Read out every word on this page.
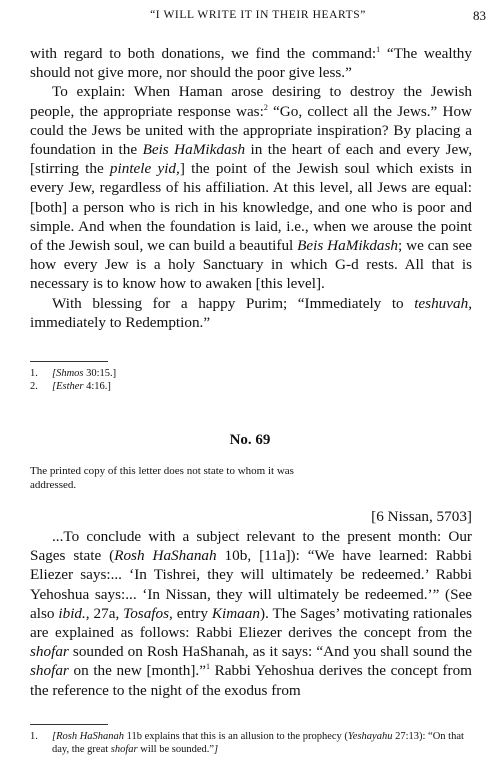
“I WILL WRITE IT IN THEIR HEARTS”	83

with regard to both donations, we find the command:$^1$ “The wealthy should not give more, nor should the poor give less.”

To explain: When Haman arose desiring to destroy the Jewish people, the appropriate response was:$^2$ “Go, collect all the Jews.” How could the Jews be united with the appropriate inspiration? By placing a foundation in the Beis HaMikdash in the heart of each and every Jew, [stirring the pintele yid,] the point of the Jewish soul which exists in every Jew, regardless of his affiliation. At this level, all Jews are equal: [both] a person who is rich in his knowledge, and one who is poor and simple. And when the foundation is laid, i.e., when we arouse the point of the Jewish soul, we can build a beautiful Beis HaMikdash; we can see how every Jew is a holy Sanctuary in which G-d rests. All that is necessary is to know how to awaken [this level].

With blessing for a happy Purim; “Immediately to teshuvah, immediately to Redemption.”

1. [Shmos 30:15.]

2. [Esther 4:16.]

No. 69
The printed copy of this letter does not state to whom it was addressed.
[6 Nissan, 5703]

...To conclude with a subject relevant to the present month: Our Sages state (Rosh HaShanah 10b, [11a]): “We have learned: Rabbi Eliezer says:... ‘In Tishrei, they will ultimately be redeemed.’ Rabbi Yehoshua says:... ‘In Nissan, they will ultimately be redeemed.’” (See also ibid., 27a, Tosafos, entry Kimaan). The Sages’ motivating rationales are explained as follows: Rabbi Eliezer derives the concept from the shofar sounded on Rosh HaShanah, as it says: “And you shall sound the shofar on the new [month].”$^1$ Rabbi Yehoshua derives the concept from the reference to the night of the exodus from

1. [Rosh HaShanah 11b explains that this is an allusion to the prophecy (Yeshayahu 27:13): “On that day, the great shofar will be sounded.”]
